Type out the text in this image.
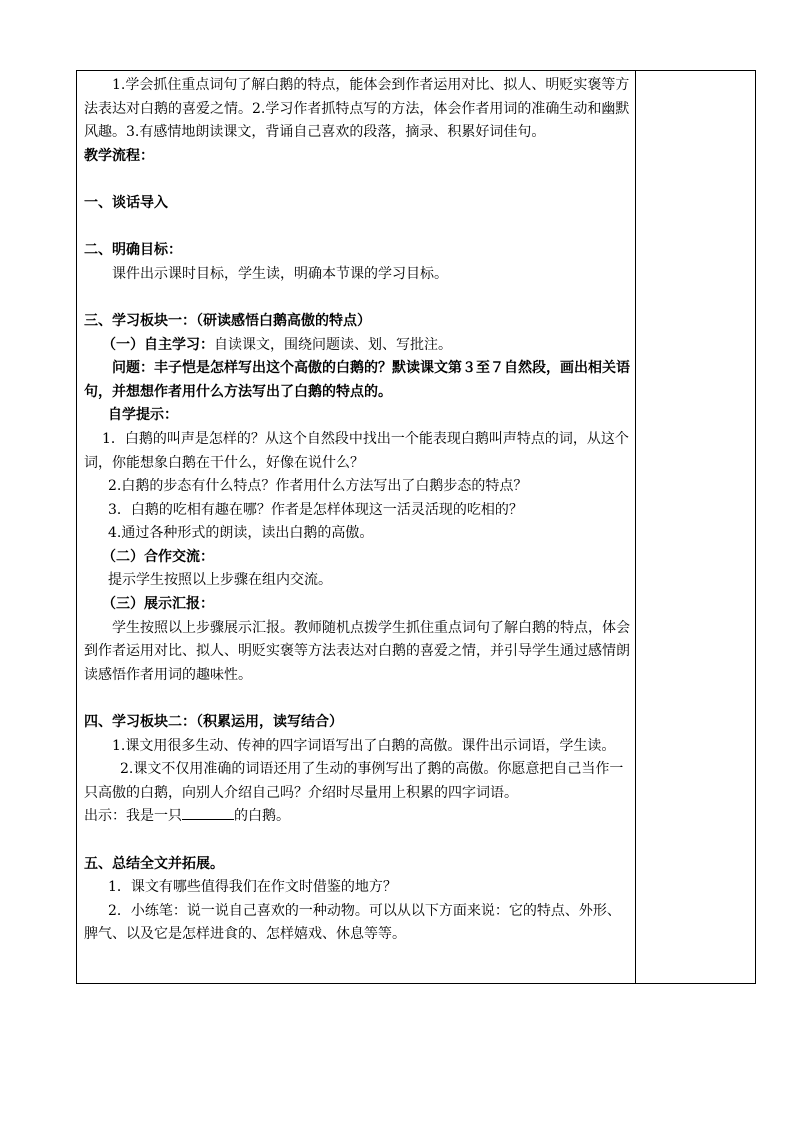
1.学会抓住重点词句了解白鹅的特点，能体会到作者运用对比、拟人、明贬实褒等方法表达对白鹅的喜爱之情。2.学习作者抓特点写的方法，体会作者用词的准确生动和幽默风趣。3.有感情地朗读课文，背诵自己喜欢的段落，摘录、积累好词佳句。

教学流程：

一、谈话导入

二、明确目标：

课件出示课时目标，学生读，明确本节课的学习目标。

三、学习板块一：（研读感悟白鹅高傲的特点）

（一）自主学习：自读课文，围绕问题读、划、写批注。

问题：丰子恺是怎样写出这个高傲的白鹅的？默读课文第３至７自然段，画出相关语句，并想想作者用什么方法写出了白鹅的特点的。

自学提示：

1．白鹅的叫声是怎样的？从这个自然段中找出一个能表现白鹅叫声特点的词，从这个词，你能想象白鹅在干什么，好像在说什么？

2.白鹅的步态有什么特点？作者用什么方法写出了白鹅步态的特点？

3．白鹅的吃相有趣在哪？作者是怎样体现这一活灵活现的吃相的？

4.通过各种形式的朗读，读出白鹅的高傲。

（二）合作交流：

提示学生按照以上步骤在组内交流。

（三）展示汇报：

学生按照以上步骤展示汇报。教师随机点拨学生抓住重点词句了解白鹅的特点，体会到作者运用对比、拟人、明贬实褒等方法表达对白鹅的喜爱之情，并引导学生通过感情朗读感悟作者用词的趣味性。

四、学习板块二：（积累运用，读写结合）

1.课文用很多生动、传神的四字词语写出了白鹅的高傲。课件出示词语，学生读。

2.课文不仅用准确的词语还用了生动的事例写出了鹅的高傲。你愿意把自己当作一只高傲的白鹅，向别人介绍自己吗？介绍时尽量用上积累的四字词语。

出示：我是一只	的白鹅。

五、总结全文并拓展。

1．课文有哪些值得我们在作文时借鉴的地方？

2．小练笔：说一说自己喜欢的一种动物。可以从以下方面来说：它的特点、外形、脾气、以及它是怎样进食的、怎样嬉戏、休息等等。
